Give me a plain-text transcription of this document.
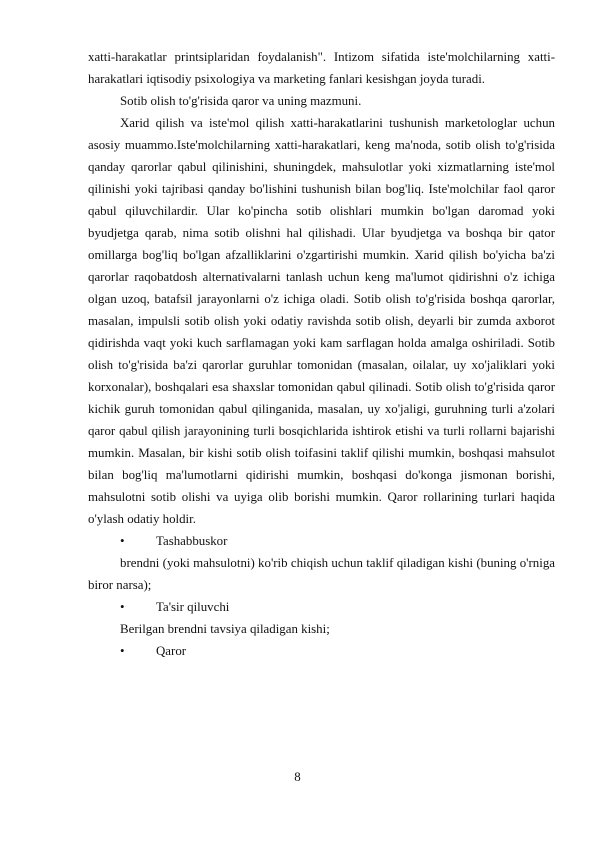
xatti-harakatlar printsiplaridan foydalanish". Intizom sifatida iste'molchilarning xatti-harakatlari iqtisodiy psixologiya va marketing fanlari kesishgan joyda turadi.

Sotib olish to'g'risida qaror va uning mazmuni.

Xarid qilish va iste'mol qilish xatti-harakatlarini tushunish marketologlar uchun asosiy muammo.Iste'molchilarning xatti-harakatlari, keng ma'noda, sotib olish to'g'risida qanday qarorlar qabul qilinishini, shuningdek, mahsulotlar yoki xizmatlarning iste'mol qilinishi yoki tajribasi qanday bo'lishini tushunish bilan bog'liq. Iste'molchilar faol qaror qabul qiluvchilardir. Ular ko'pincha sotib olishlari mumkin bo'lgan daromad yoki byudjetga qarab, nima sotib olishni hal qilishadi. Ular byudjetga va boshqa bir qator omillarga bog'liq bo'lgan afzalliklarini o'zgartirishi mumkin. Xarid qilish bo'yicha ba'zi qarorlar raqobatdosh alternativalarni tanlash uchun keng ma'lumot qidirishni o'z ichiga olgan uzoq, batafsil jarayonlarni o'z ichiga oladi. Sotib olish to'g'risida boshqa qarorlar, masalan, impulsli sotib olish yoki odatiy ravishda sotib olish, deyarli bir zumda axborot qidirishda vaqt yoki kuch sarflamagan yoki kam sarflagan holda amalga oshiriladi. Sotib olish to'g'risida ba'zi qarorlar guruhlar tomonidan (masalan, oilalar, uy xo'jaliklari yoki korxonalar), boshqalari esa shaxslar tomonidan qabul qilinadi. Sotib olish to'g'risida qaror kichik guruh tomonidan qabul qilinganida, masalan, uy xo'jaligi, guruhning turli a'zolari qaror qabul qilish jarayonining turli bosqichlarida ishtirok etishi va turli rollarni bajarishi mumkin. Masalan, bir kishi sotib olish toifasini taklif qilishi mumkin, boshqasi mahsulot bilan bog'liq ma'lumotlarni qidirishi mumkin, boshqasi do'konga jismonan borishi, mahsulotni sotib olishi va uyiga olib borishi mumkin. Qaror rollarining turlari haqida o'ylash odatiy holdir.

•	Tashabbuskor

brendni (yoki mahsulotni) ko'rib chiqish uchun taklif qiladigan kishi (buning o'rniga biror narsa);

•	Ta'sir qiluvchi

Berilgan brendni tavsiya qiladigan kishi;

•	Qaror
8
